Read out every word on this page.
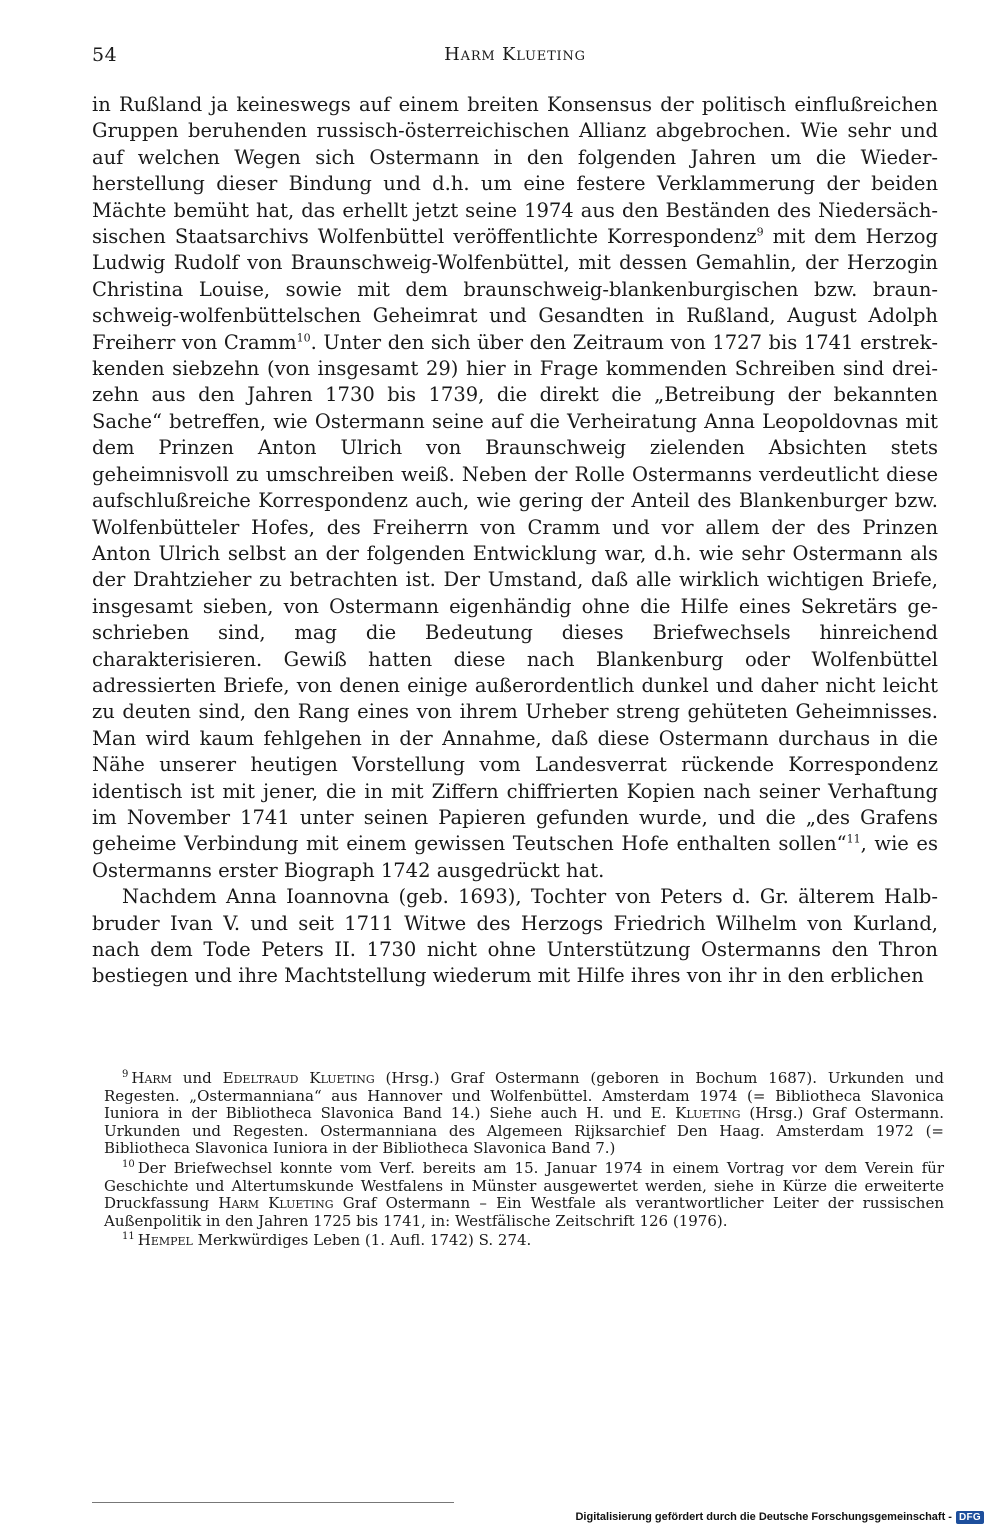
54	Harm Klueting

in Rußland ja keineswegs auf einem breiten Konsensus der politisch einflußreichen Gruppen beruhenden russisch-österreichischen Allianz abgebrochen. Wie sehr und auf welchen Wegen sich Ostermann in den folgenden Jahren um die Wiederherstellung dieser Bindung und d.h. um eine festere Verklammerung der beiden Mächte bemüht hat, das erhellt jetzt seine 1974 aus den Beständen des Niedersächsischen Staatsarchivs Wolfenbüttel veröffentlichte Korrespondenz$^9$ mit dem Herzog Ludwig Rudolf von Braunschweig-Wolfenbüttel, mit dessen Gemahlin, der Herzogin Christina Louise, sowie mit dem braunschweig-blankenburgischen bzw. braunschweig-wolfenbüttelschen Geheimrat und Gesandten in Rußland, August Adolph Freiherr von Cramm$^{10}$. Unter den sich über den Zeitraum von 1727 bis 1741 erstrekkenden siebzehn (von insgesamt 29) hier in Frage kommenden Schreiben sind dreizehn aus den Jahren 1730 bis 1739, die direkt die „Betreibung der bekannten Sache“ betreffen, wie Ostermann seine auf die Verheiratung Anna Leopoldovnas mit dem Prinzen Anton Ulrich von Braunschweig zielenden Absichten stets geheimnisvoll zu umschreiben weiß. Neben der Rolle Ostermanns verdeutlicht diese aufschlußreiche Korrespondenz auch, wie gering der Anteil des Blankenburger bzw. Wolfenbütteler Hofes, des Freiherrn von Cramm und vor allem der des Prinzen Anton Ulrich selbst an der folgenden Entwicklung war, d.h. wie sehr Ostermann als der Drahtzieher zu betrachten ist. Der Umstand, daß alle wirklich wichtigen Briefe, insgesamt sieben, von Ostermann eigenhändig ohne die Hilfe eines Sekretärs geschrieben sind, mag die Bedeutung dieses Briefwechsels hinreichend charakterisieren. Gewiß hatten diese nach Blankenburg oder Wolfenbüttel adressierten Briefe, von denen einige außerordentlich dunkel und daher nicht leicht zu deuten sind, den Rang eines von ihrem Urheber streng gehüteten Geheimnisses. Man wird kaum fehlgehen in der Annahme, daß diese Ostermann durchaus in die Nähe unserer heutigen Vorstellung vom Landesverrat rückende Korrespondenz identisch ist mit jener, die in mit Ziffern chiffrierten Kopien nach seiner Verhaftung im November 1741 unter seinen Papieren gefunden wurde, und die „des Grafens geheime Verbindung mit einem gewissen Teutschen Hofe enthalten sollen“$^{11}$, wie es Ostermanns erster Biograph 1742 ausgedrückt hat.

Nachdem Anna Ioannovna (geb. 1693), Tochter von Peters d. Gr. älterem Halbbruder Ivan V. und seit 1711 Witwe des Herzogs Friedrich Wilhelm von Kurland, nach dem Tode Peters II. 1730 nicht ohne Unterstützung Ostermanns den Thron bestiegen und ihre Machtstellung wiederum mit Hilfe ihres von ihr in den erblichen

$^9$ Harm und Edeltraud Klueting (Hrsg.) Graf Ostermann (geboren in Bochum 1687). Urkunden und Regesten. „Ostermanniana“ aus Hannover und Wolfenbüttel. Amsterdam 1974 (= Bibliotheca Slavonica Iuniora in der Bibliotheca Slavonica Band 14.) Siehe auch H. und E. Klueting (Hrsg.) Graf Ostermann. Urkunden und Regesten. Ostermanniana des Algemeen Rijksarchief Den Haag. Amsterdam 1972 (= Bibliotheca Slavonica Iuniora in der Bibliotheca Slavonica Band 7.)

$^{10}$ Der Briefwechsel konnte vom Verf. bereits am 15. Januar 1974 in einem Vortrag vor dem Verein für Geschichte und Altertumskunde Westfalens in Münster ausgewertet werden, siehe in Kürze die erweiterte Druckfassung Harm Klueting Graf Ostermann – Ein Westfale als verantwortlicher Leiter der russischen Außenpolitik in den Jahren 1725 bis 1741, in: Westfälische Zeitschrift 126 (1976).

$^{11}$ Hempel Merkwürdiges Leben (1. Aufl. 1742) S. 274.

Digitalisierung gefördert durch die Deutsche Forschungsgemeinschaft - DFG
